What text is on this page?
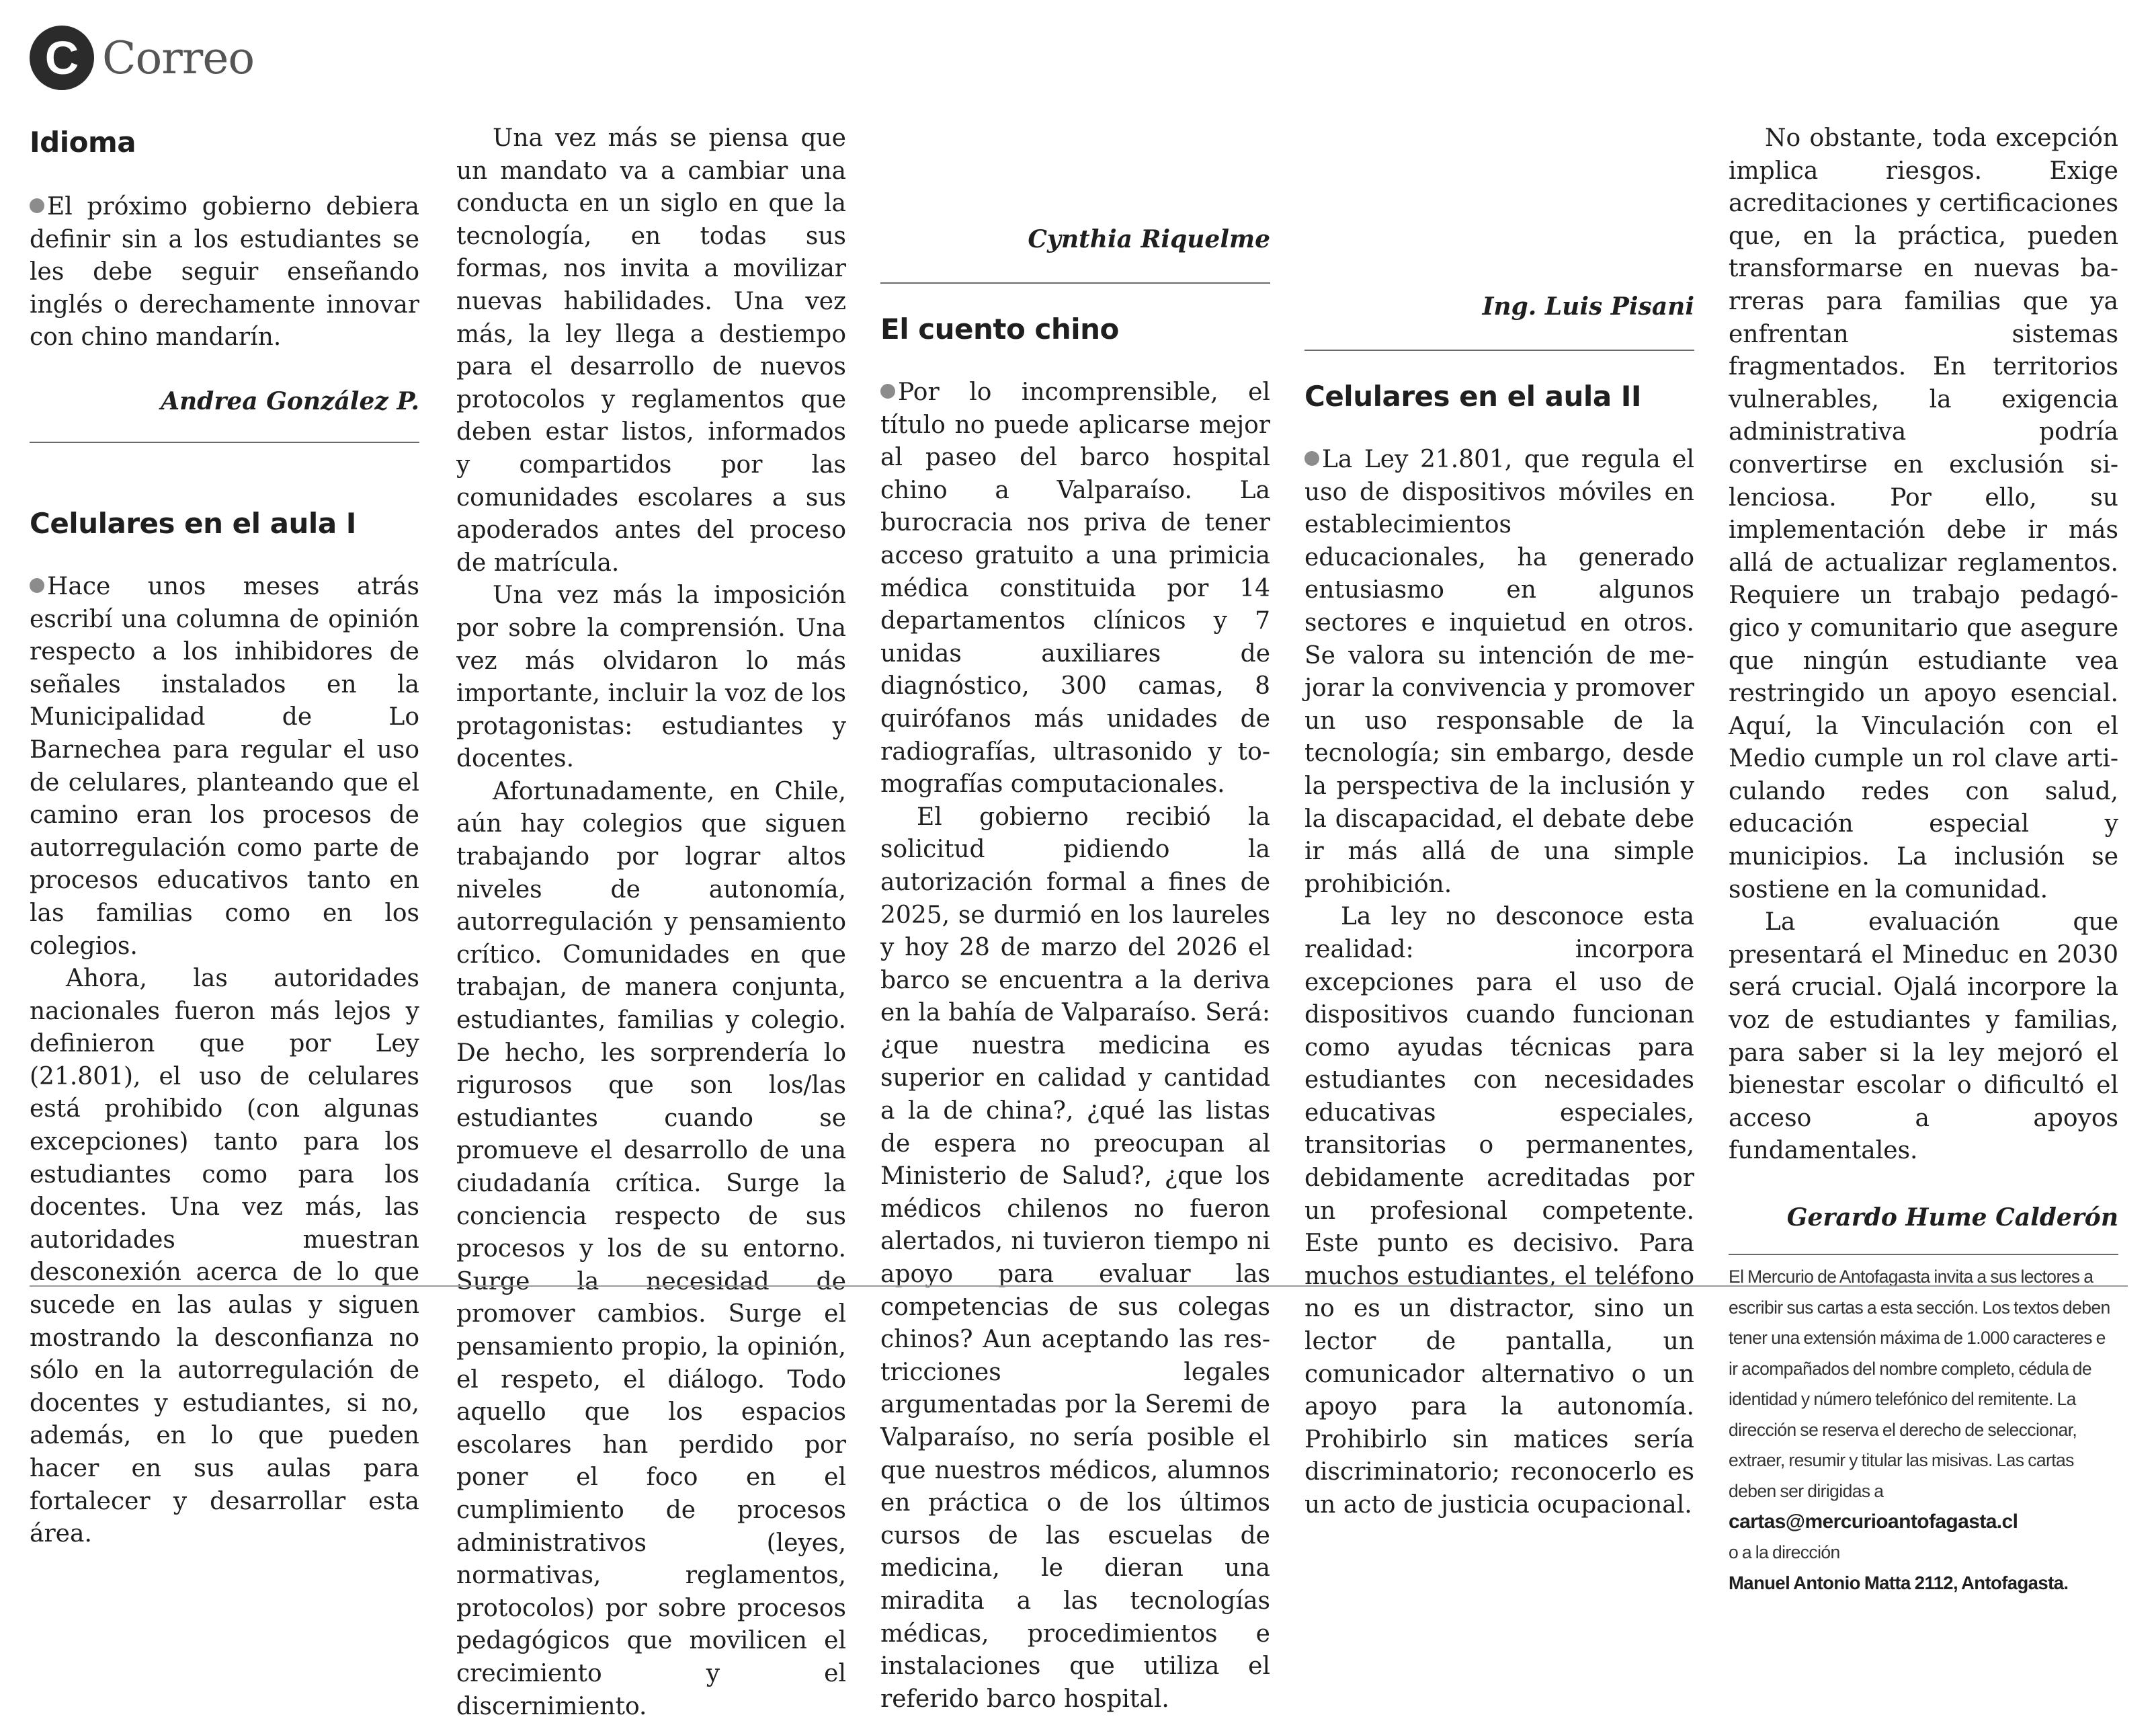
C Correo
Idioma

El próximo gobierno debiera definir sin a los estudiantes se les debe seguir enseñando inglés o derechamente innovar con chino mandarín.

Andrea González P.
Celulares en el aula I

Hace unos meses atrás escribí una columna de opinión respecto a los inhibidores de señales instalados en la Municipalidad de Lo Barnechea para regular el uso de celulares, planteando que el camino eran los procesos de autorregulación como parte de procesos educativos tanto en las familias como en los colegios.

Ahora, las autoridades nacionales fueron más lejos y definieron que por Ley (21.801), el uso de celulares está prohibido (con algunas excepciones) tanto para los estudiantes como para los docentes. Una vez más, las autoridades muestran desconexión acerca de lo que sucede en las aulas y siguen mostrando la desconfianza no sólo en la autorregulación de docentes y estudiantes, si no, además, en lo que pueden hacer en sus aulas para fortalecer y desarrollar esta área.

Una vez más se piensa que un mandato va a cambiar una conducta en un siglo en que la tecnología, en todas sus formas, nos invita a movilizar nuevas habilidades. Una vez más, la ley llega a destiempo para el desarrollo de nuevos protocolos y reglamentos que deben estar listos, informados y compartidos por las comunidades escolares a sus apoderados antes del proceso de matrícula.

Una vez más la imposición por sobre la comprensión. Una vez más olvidaron lo más importante, incluir la voz de los protagonistas: estudiantes y docentes.

Afortunadamente, en Chile, aún hay colegios que siguen trabajando por lograr altos niveles de autonomía, autorregulación y pensamiento crítico. Comunidades en que trabajan, de manera conjunta, estudiantes, familias y colegio. De hecho, les sorprendería lo rigurosos que son los/las estudiantes cuando se promueve el desarrollo de una ciudadanía crítica. Surge la conciencia respecto de sus procesos y los de su entorno. Surge la necesidad de promover cambios. Surge el pensamiento propio, la opinión, el respeto, el diálogo. Todo aquello que los espacios escolares han perdido por poner el foco en el cumplimiento de procesos administrativos (leyes, normativas, reglamentos, protocolos) por sobre procesos pedagógicos que movilicen el crecimiento y el discernimiento.

Cynthia Riquelme
El cuento chino

Por lo incomprensible, el título no puede aplicarse mejor al paseo del barco hospital chino a Valparaíso. La burocracia nos priva de tener acceso gratuito a una primicia médica constituida por 14 departamentos clínicos y 7 unidas auxiliares de diagnóstico, 300 camas, 8 quirófanos más unidades de radiografías, ultrasonido y tomografías computacionales.

El gobierno recibió la solicitud pidiendo la autorización formal a fines de 2025, se durmió en los laureles y hoy 28 de marzo del 2026 el barco se encuentra a la deriva en la bahía de Valparaíso. Será: ¿que nuestra medicina es superior en calidad y cantidad a la de china?, ¿qué las listas de espera no preocupan al Ministerio de Salud?, ¿que los médicos chilenos no fueron alertados, ni tuvieron tiempo ni apoyo para evaluar las competencias de sus colegas chinos? Aun aceptando las restricciones legales argumentadas por la Seremi de Valparaíso, no sería posible el que nuestros médicos, alumnos en práctica o de los últimos cursos de las escuelas de medicina, le dieran una miradita a las tecnologías médicas, procedimientos e instalaciones que utiliza el referido barco hospital.

Ing. Luis Pisani
Celulares en el aula II

La Ley 21.801, que regula el uso de dispositivos móviles en establecimientos educacionales, ha generado entusiasmo en algunos sectores e inquietud en otros. Se valora su intención de mejorar la convivencia y promover un uso responsable de la tecnología; sin embargo, desde la perspectiva de la inclusión y la discapacidad, el debate debe ir más allá de una simple prohibición.

La ley no desconoce esta realidad: incorpora excepciones para el uso de dispositivos cuando funcionan como ayudas técnicas para estudiantes con necesidades educativas especiales, transitorias o permanentes, debidamente acreditadas por un profesional competente. Este punto es decisivo. Para muchos estudiantes, el teléfono no es un distractor, sino un lector de pantalla, un comunicador alternativo o un apoyo para la autonomía. Prohibirlo sin matices sería discriminatorio; reconocerlo es un acto de justicia ocupacional.

No obstante, toda excepción implica riesgos. Exige acreditaciones y certificaciones que, en la práctica, pueden transformarse en nuevas barreras para familias que ya enfrentan sistemas fragmentados. En territorios vulnerables, la exigencia administrativa podría convertirse en exclusión silenciosa. Por ello, su implementación debe ir más allá de actualizar reglamentos. Requiere un trabajo pedagógico y comunitario que asegure que ningún estudiante vea restringido un apoyo esencial. Aquí, la Vinculación con el Medio cumple un rol clave articulando redes con salud, educación especial y municipios. La inclusión se sostiene en la comunidad.

La evaluación que presentará el Mineduc en 2030 será crucial. Ojalá incorpore la voz de estudiantes y familias, para saber si la ley mejoró el bienestar escolar o dificultó el acceso a apoyos fundamentales.

Gerardo Hume Calderón
El Mercurio de Antofagasta invita a sus lectores a escribir sus cartas a esta sección. Los textos deben tener una extensión máxima de 1.000 caracteres e ir acompañados del nombre completo, cédula de identidad y número telefónico del remitente. La dirección se reserva el derecho de seleccionar, extraer, resumir y titular las misivas. Las cartas deben ser dirigidas a
cartas@mercurioantofagasta.cl
o a la dirección
Manuel Antonio Matta 2112, Antofagasta.
